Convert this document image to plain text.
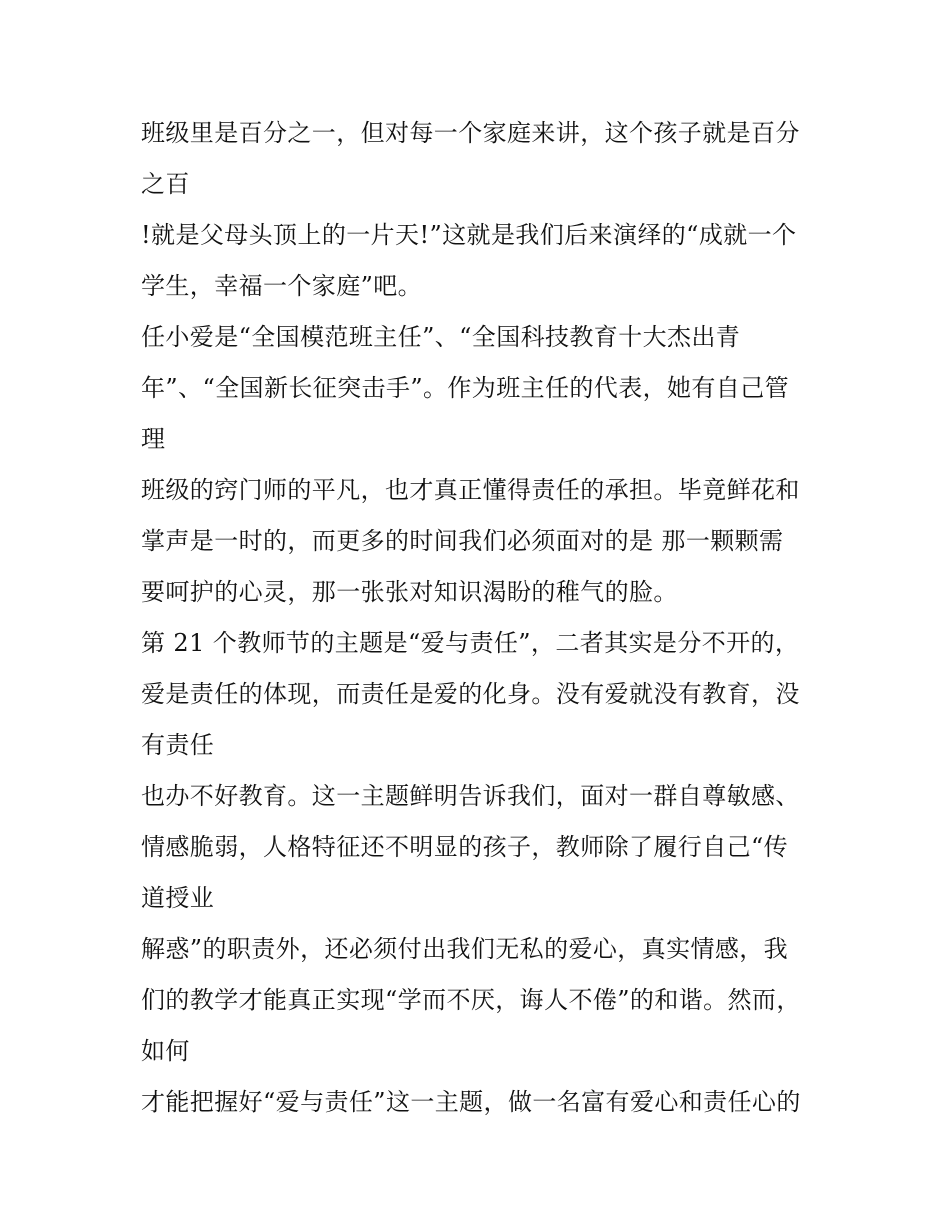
班级里是百分之一，但对每一个家庭来讲，这个孩子就是百分
之百
!就是父母头顶上的一片天!”这就是我们后来演绎的“成就一个
学生，幸福一个家庭”吧。
任小爱是“全国模范班主任”、“全国科技教育十大杰出青
年”、“全国新长征突击手”。作为班主任的代表，她有自己管
理
班级的窍门师的平凡，也才真正懂得责任的承担。毕竟鲜花和
掌声是一时的，而更多的时间我们必须面对的是 那一颗颗需
要呵护的心灵，那一张张对知识渴盼的稚气的脸。
第 21 个教师节的主题是“爱与责任”，二者其实是分不开的，
爱是责任的体现，而责任是爱的化身。没有爱就没有教育，没
有责任
也办不好教育。这一主题鲜明告诉我们，面对一群自尊敏感、
情感脆弱，人格特征还不明显的孩子，教师除了履行自己“传
道授业
解惑”的职责外，还必须付出我们无私的爱心，真实情感，我
们的教学才能真正实现“学而不厌，诲人不倦”的和谐。然而，
如何
才能把握好“爱与责任”这一主题，做一名富有爱心和责任心的
